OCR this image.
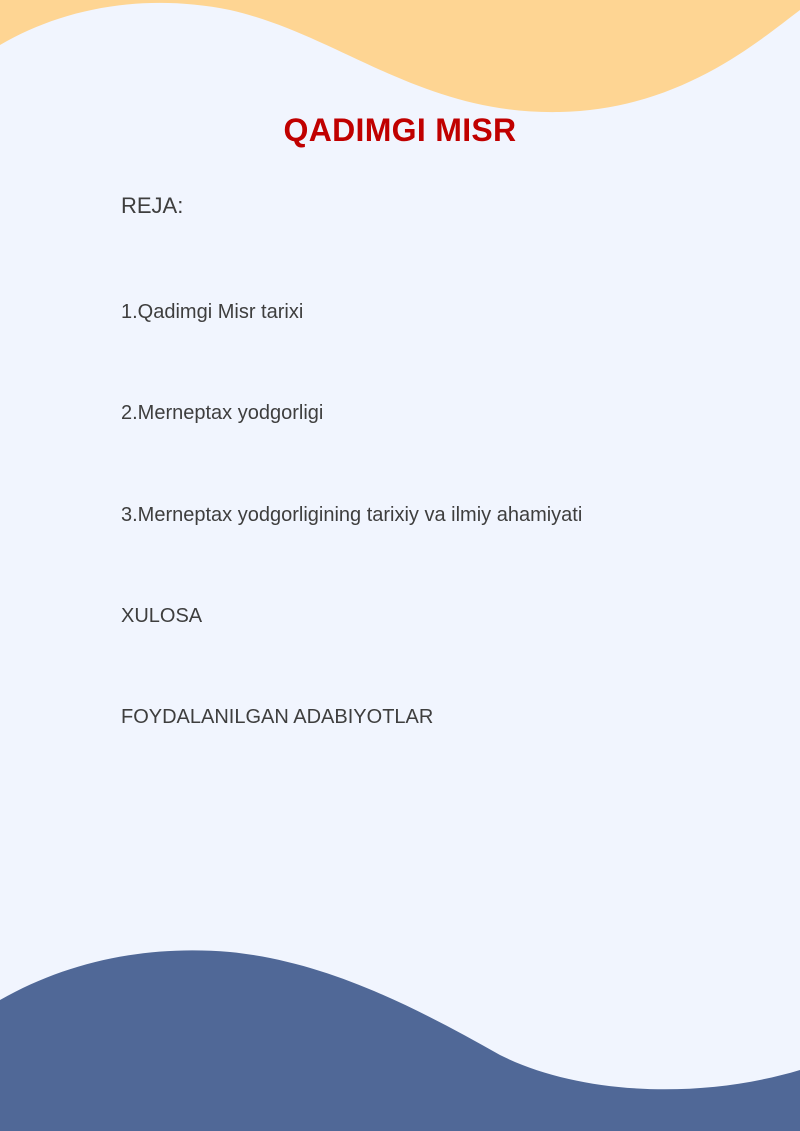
QADIMGI MISR
REJA:
1.Qadimgi Misr tarixi
2.Merneptax yodgorligi
3.Merneptax yodgorligining tarixiy va ilmiy ahamiyati
XULOSA
FOYDALANILGAN ADABIYOTLAR
